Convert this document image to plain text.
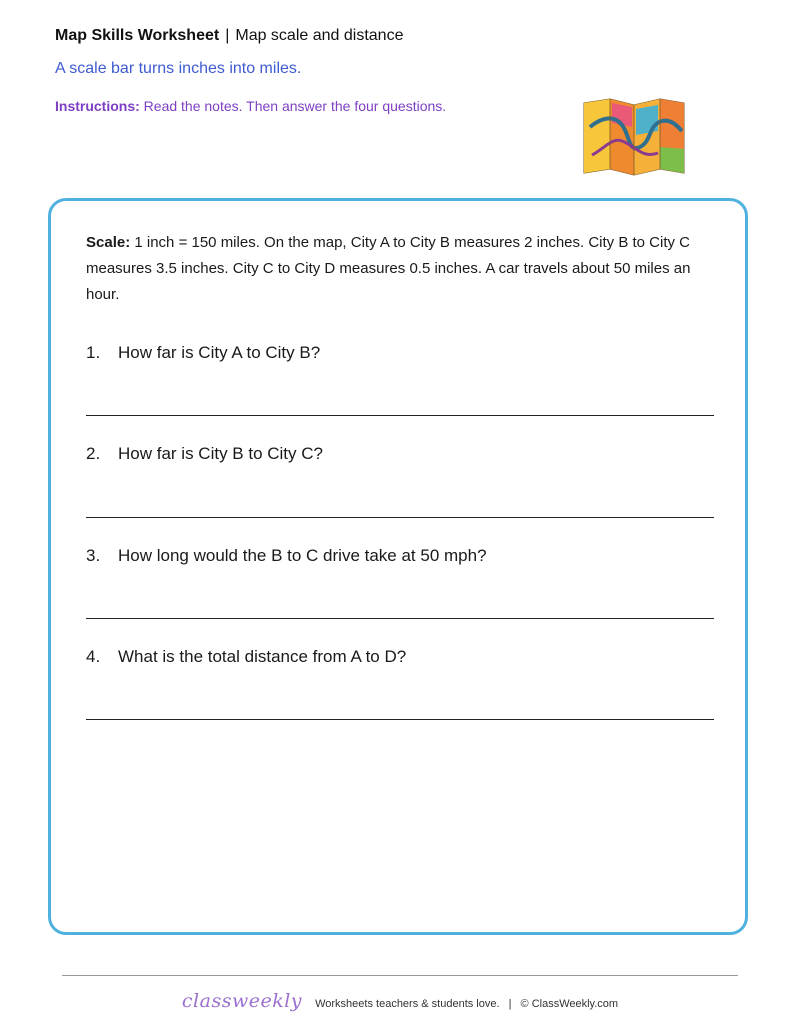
Map Skills Worksheet | Map scale and distance
A scale bar turns inches into miles.
Instructions: Read the notes. Then answer the four questions.
Scale: 1 inch = 150 miles. On the map, City A to City B measures 2 inches. City B to City C measures 3.5 inches. City C to City D measures 0.5 inches. A car travels about 50 miles an hour.
1. How far is City A to City B?
2. How far is City B to City C?
3. How long would the B to C drive take at 50 mph?
4. What is the total distance from A to D?
classweekly Worksheets teachers & students love. | © ClassWeekly.com
